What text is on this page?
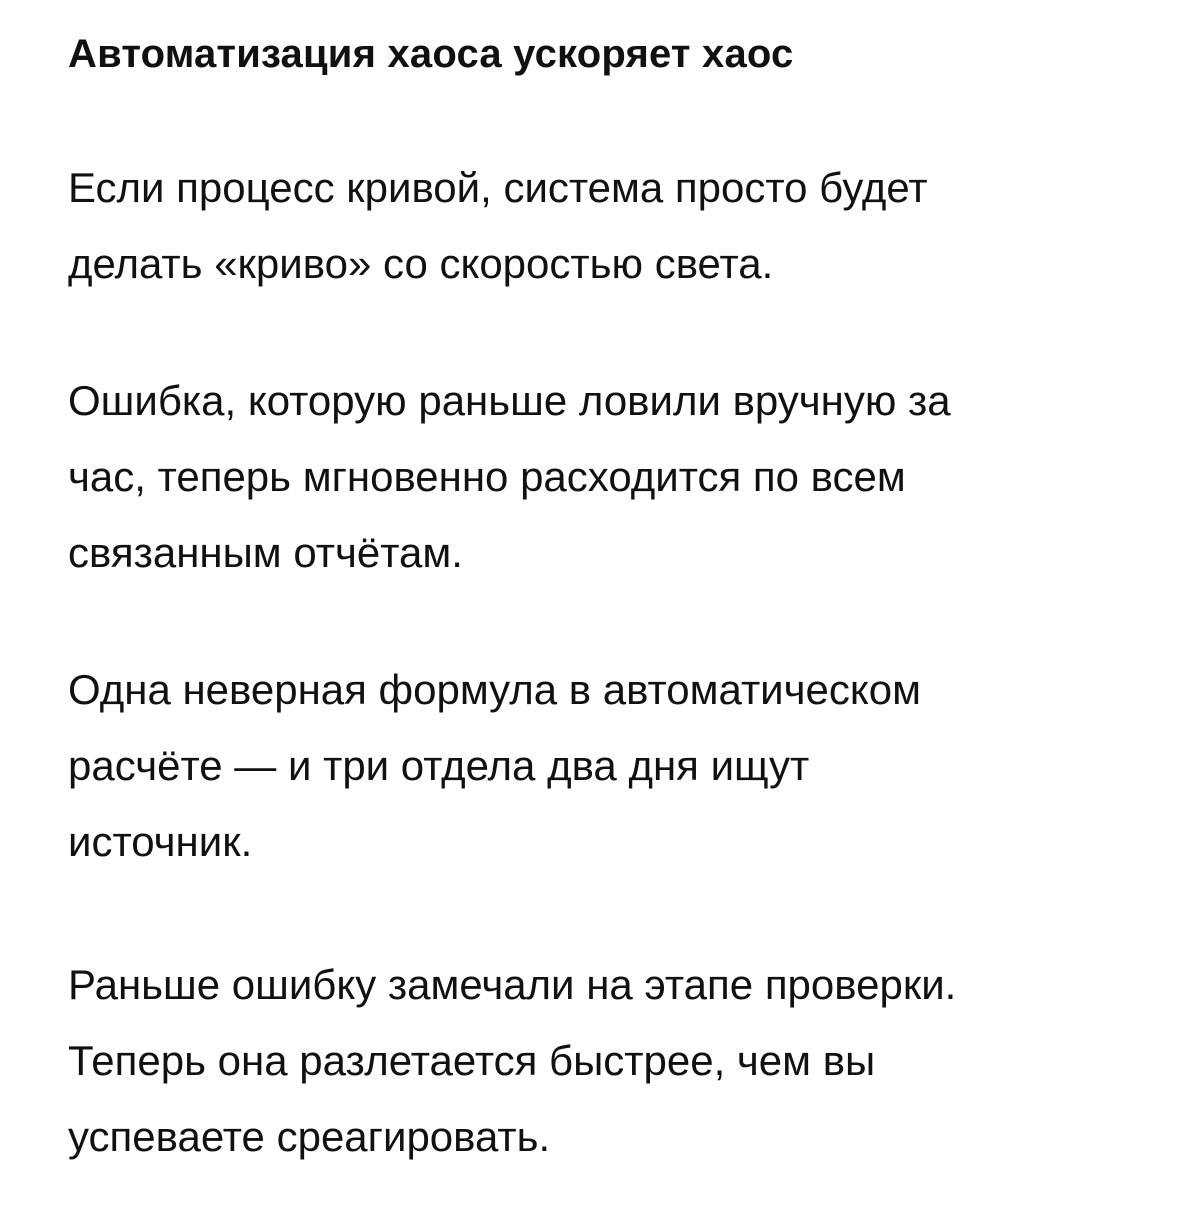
Автоматизация хаоса ускоряет хаос

Если процесс кривой, система просто будет
делать «криво» со скоростью света.

Ошибка, которую раньше ловили вручную за
час, теперь мгновенно расходится по всем
связанным отчётам.

Одна неверная формула в автоматическом
расчёте — и три отдела два дня ищут
источник.

Раньше ошибку замечали на этапе проверки.
Теперь она разлетается быстрее, чем вы
успеваете среагировать.
